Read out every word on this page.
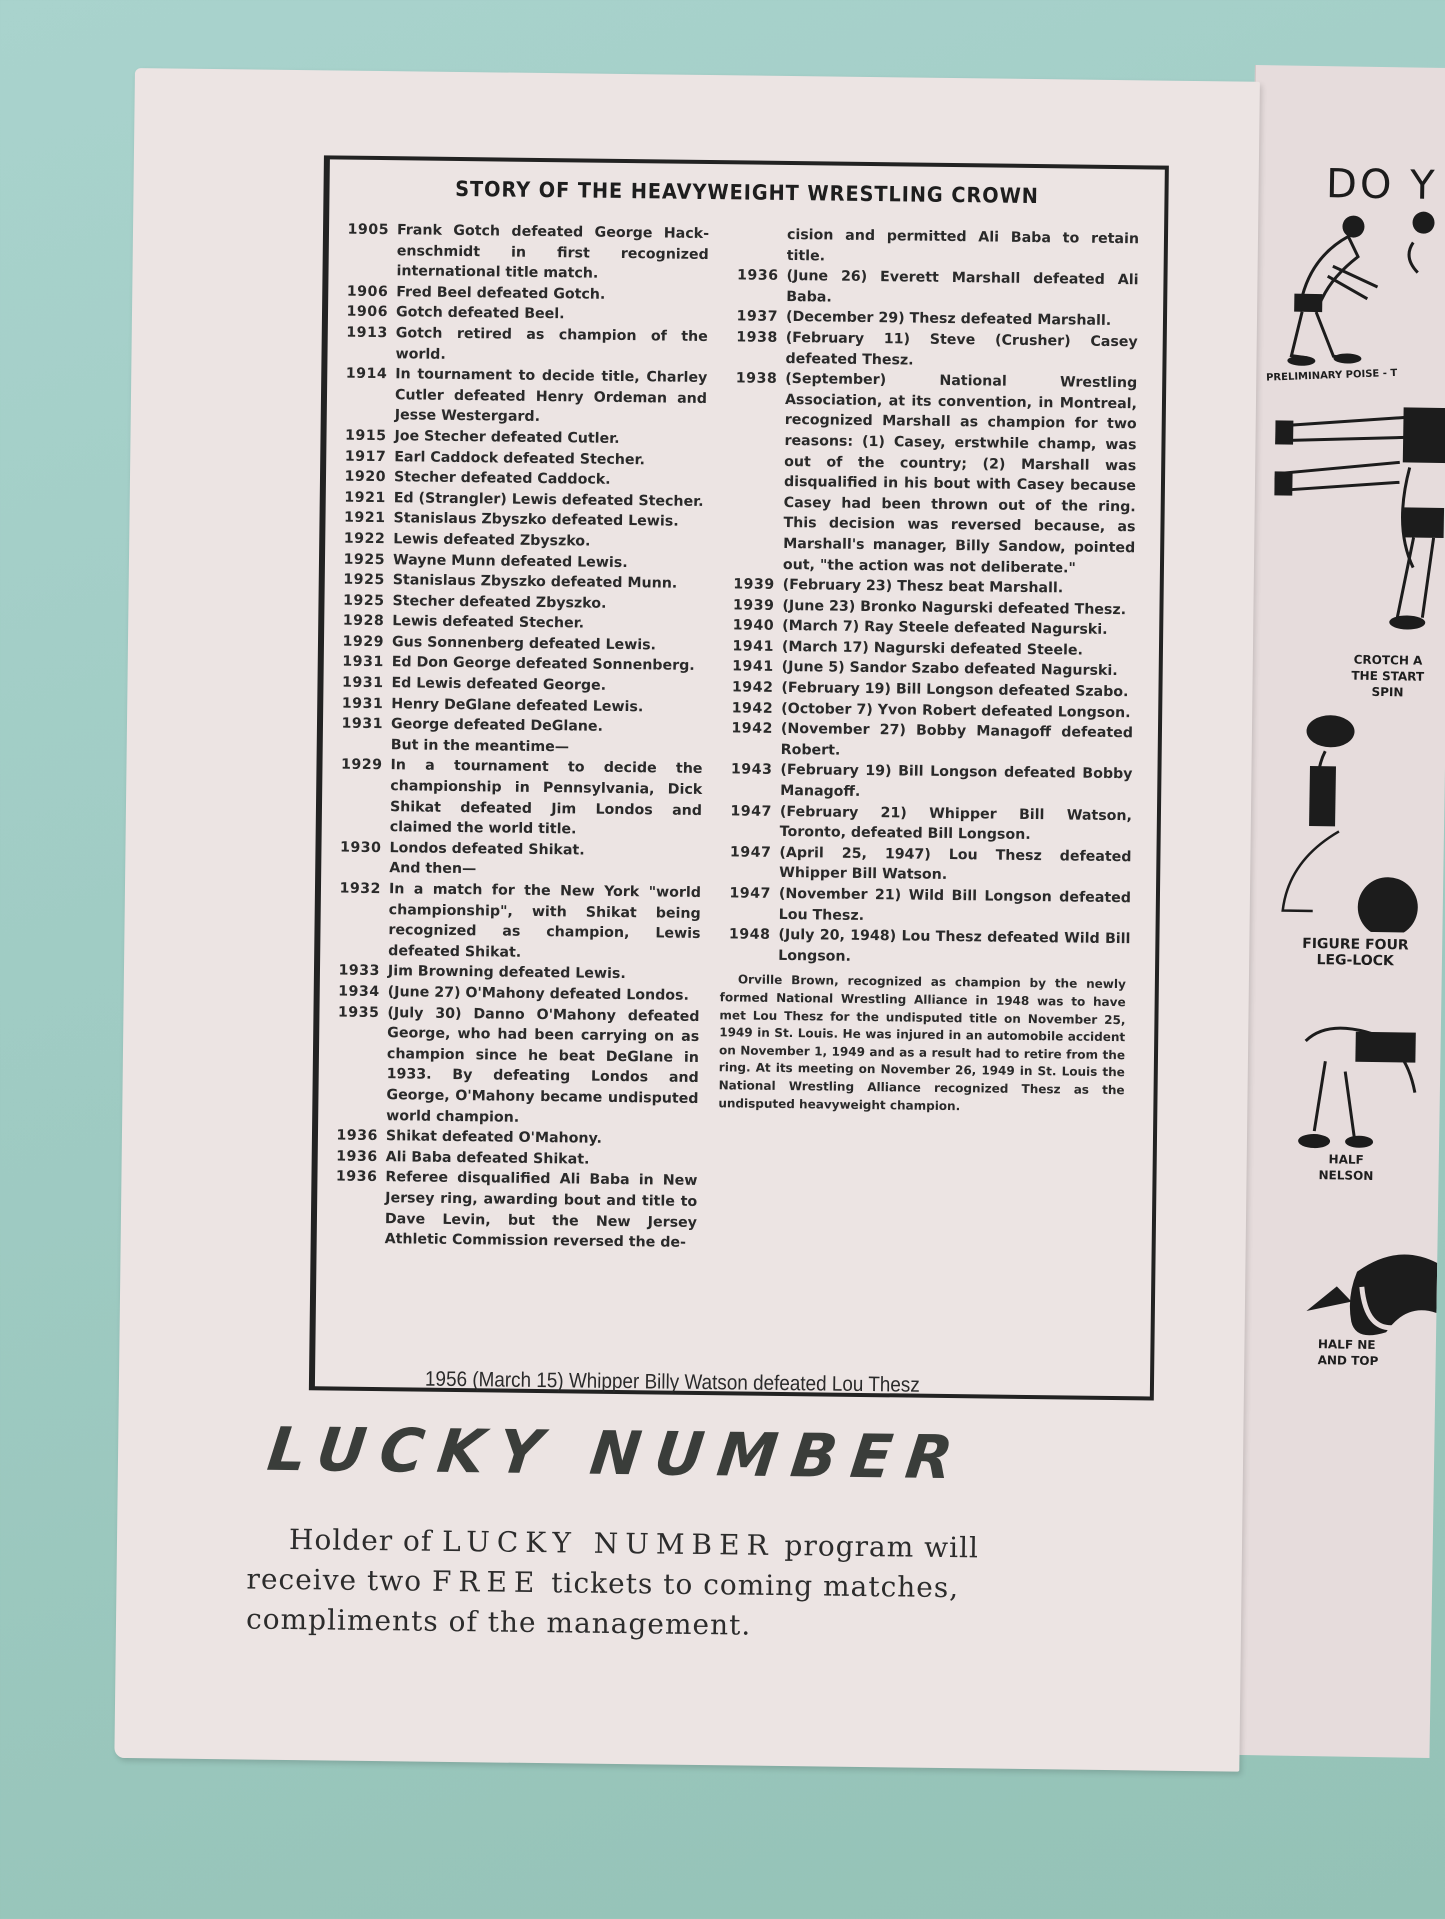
DO Y
PRELIMINARY POISE - T
CROTCH A
THE START
SPIN
FIGURE FOUR
LEG-LOCK
HALF
NELSON
HALF NE
AND TOP
STORY OF THE HEAVYWEIGHT WRESTLING CROWN
1905 Frank Gotch defeated George Hack-enschmidt in first recognized international title match.
1906 Fred Beel defeated Gotch.
1906 Gotch defeated Beel.
1913 Gotch retired as champion of the world.
1914 In tournament to decide title, Charley Cutler defeated Henry Ordeman and Jesse Westergard.
1915 Joe Stecher defeated Cutler.
1917 Earl Caddock defeated Stecher.
1920 Stecher defeated Caddock.
1921 Ed (Strangler) Lewis defeated Stecher.
1921 Stanislaus Zbyszko defeated Lewis.
1922 Lewis defeated Zbyszko.
1925 Wayne Munn defeated Lewis.
1925 Stanislaus Zbyszko defeated Munn.
1925 Stecher defeated Zbyszko.
1928 Lewis defeated Stecher.
1929 Gus Sonnenberg defeated Lewis.
1931 Ed Don George defeated Sonnenberg.
1931 Ed Lewis defeated George.
1931 Henry DeGlane defeated Lewis.
1931 George defeated DeGlane.
But in the meantime—
1929 In a tournament to decide the championship in Pennsylvania, Dick Shikat defeated Jim Londos and claimed the world title.
1930 Londos defeated Shikat.
And then—
1932 In a match for the New York "world championship", with Shikat being recognized as champion, Lewis defeated Shikat.
1933 Jim Browning defeated Lewis.
1934 (June 27) O'Mahony defeated Londos.
1935 (July 30) Danno O'Mahony defeated George, who had been carrying on as champion since he beat DeGlane in 1933. By defeating Londos and George, O'Mahony became undisputed world champion.
1936 Shikat defeated O'Mahony.
1936 Ali Baba defeated Shikat.
1936 Referee disqualified Ali Baba in New Jersey ring, awarding bout and title to Dave Levin, but the New Jersey Athletic Commission reversed the de-
cision and permitted Ali Baba to retain title.
1936 (June 26) Everett Marshall defeated Ali Baba.
1937 (December 29) Thesz defeated Marshall.
1938 (February 11) Steve (Crusher) Casey defeated Thesz.
1938 (September) National Wrestling Association, at its convention, in Montreal, recognized Marshall as champion for two reasons: (1) Casey, erstwhile champ, was out of the country; (2) Marshall was disqualified in his bout with Casey because Casey had been thrown out of the ring. This decision was reversed because, as Marshall's manager, Billy Sandow, pointed out, "the action was not deliberate."
1939 (February 23) Thesz beat Marshall.
1939 (June 23) Bronko Nagurski defeated Thesz.
1940 (March 7) Ray Steele defeated Nagurski.
1941 (March 17) Nagurski defeated Steele.
1941 (June 5) Sandor Szabo defeated Nagurski.
1942 (February 19) Bill Longson defeated Szabo.
1942 (October 7) Yvon Robert defeated Longson.
1942 (November 27) Bobby Managoff defeated Robert.
1943 (February 19) Bill Longson defeated Bobby Managoff.
1947 (February 21) Whipper Bill Watson, Toronto, defeated Bill Longson.
1947 (April 25, 1947) Lou Thesz defeated Whipper Bill Watson.
1947 (November 21) Wild Bill Longson defeated Lou Thesz.
1948 (July 20, 1948) Lou Thesz defeated Wild Bill Longson.
Orville Brown, recognized as champion by the newly formed National Wrestling Alliance in 1948 was to have met Lou Thesz for the undisputed title on November 25, 1949 in St. Louis. He was injured in an automobile accident on November 1, 1949 and as a result had to retire from the ring. At its meeting on November 26, 1949 in St. Louis the National Wrestling Alliance recognized Thesz as the undisputed heavyweight champion.
1956 (March 15) Whipper Billy Watson defeated Lou Thesz
LUCKY NUMBER
Holder of LUCKY NUMBER program will
receive two FREE tickets to coming matches,
compliments of the management.
